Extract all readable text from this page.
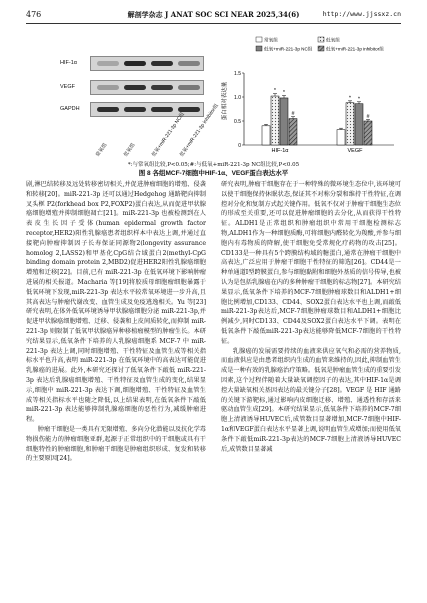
476	解剖学杂志 J ANAT SOC SCI NEAR 2025,34(6)	http://www.jjssxz.cn
HIF-1α
VEGF
GAPDH
常氧组	低氧组	低氧+miR-221-3p NC组
低氧+miR-221-3p inhibitor组
常氧组	低氧组
低氧+miR-221-3p NC组	低氧+miR-221-3p inhibitor组
蛋白相对表达量
0
0.5
1.0
1.5
HIF-1α	VEGF
* *
#
* *
#
*:与常氧组比较,P<0.05;#:与低氧+miR-221-3p NC组比较,P<0.05
图 8 各组MCF-7细胞中HIF-1α、VEGF蛋白表达水平

剧,淋巴结转移及远处转移密切相关,并促进肿瘤细胞的增殖、侵袭和转移[20]。miR-221-3p 还可以通过Hedgehog 通路靶向抑制叉头框 P2(forkhead box P2,FOXP2)蛋白表达,从而促进甲状腺癌细胞增殖并抑制细胞凋亡[21]。miR-221-3p 也被检测到在人表皮生长因子受体(human epidermal growth factor receptor,HER2)阳性乳腺癌患者组织样本中表达上调,并通过直接靶向肿瘤抑制因子长寿保证同源物2(longevity assurance homolog 2,LASS2)和甲基化CpG结合域蛋白2(methyl-CpG binding domain protein 2,MBD2)促进HER2阳性乳腺癌细胞增殖和迁移[22]。目前,已有 miR-221-3p 在低氧环境下影响肿瘤进展的相关报道。Macharia 等[19]将胶质母细胞瘤细胞暴露于低氧环境下发现,miR-221-3p 表达水平较常氧环境进一步升高,且其高表达与肿瘤代谢改变、血管生成及免疫逃逸相关。Yu 等[23]研究表明,在体外低氧环境诱导甲状腺癌细胞分泌 miR-221-3p,并促进甲状腺癌细胞增殖、迁移、侵袭和上皮间质转化,而抑制 miR-221-3p 则限制了低氧甲状腺癌异种移植瘤模型的肿瘤生长。本研究结果显示,低氧条件下培养的人乳腺癌细胞系 MCF-7 中 miR-221-3p 表达上调,同时细胞增殖、干性特征及血管生成等相关指标水平也升高,表明 miR-221-3p 在低氧环境中的高表达可能促进乳腺癌的进展。此外,本研究还探讨了低氧条件下敲低 miR-221-3p 表达后乳腺癌细胞增殖、干性特征及血管生成的变化,结果显示,细胞中 miR-221-3p 表达下调,细胞增殖、干性特征及血管生成等相关指标水平也随之降低,以上结果表明,在低氧条件下敲低 miR-221-3p 表达能够抑制乳腺癌细胞的恶性行为,减缓肿瘤进程。

肿瘤干细胞是一类具有无限增殖、多向分化潜能以及抗化学毒物损伤能力的肿瘤细胞亚群,起源于正常组织中的干细胞或具有干细胞特性的肿瘤细胞,和肿瘤干细胞是肿瘤组织形成、复发和转移的主要原因[24]。

研究表明,肿瘤干细胞存在于一种特殊的微环境生态位中,该环境可以使干细胞保持休眠状态,保证其不对称分裂和维持干性特征,在调控对分化和复制方式起关键作用。低氧不仅对于肿瘤干细胞生态位的形成至关重要,还可以促进肿瘤细胞的去分化,从而获得干性特征。ALDH1是正常组织和肿瘤组织中常用干细胞检测标志物,ALDH1作为一种细胞质酶,可将细胞内醛转化为羧酸,并参与细胞内有毒物质的降解,使干细胞免受常规化疗药物的攻击[25]。CD133是一种具有5个跨膜结构域的糖蛋白,通常在肿瘤干细胞中高表达,广泛应用于肿瘤干细胞干性特征的筛选[26]。CD44是一种单通道Ⅰ型跨膜蛋白,参与细胞黏附和细胞外基质的信号传导,也被认为是包括乳腺癌在内的多种肿瘤干细胞的标志物[27]。本研究结果显示,低氧条件下培养的MCF-7细胞肿瘤球数目和ALDH1+细胞比例增加,CD133、CD44、SOX2蛋白表达水平也上调,而敲低miR-221-3p表达后,MCF-7细胞肿瘤球数目和ALDH1+细胞比例减少,同时CD133、CD44及SOX2蛋白表达水平下调。表明在低氧条件下敲低miR-221-3p表达能够降低MCF-7细胞的干性特征。

乳腺癌的发展需要持续的血液来供应氧气和必需的营养物质,而血液供应是由患者组织内生成的血管来维持的,因此,抑制血管生成是一种有效的乳腺癌治疗策略。低氧是肿瘤血管生成的重要引发因素,这个过程伴随着大量缺氧调控因子的表达,其中HIF-1α是调控大量缺氧相关基因表达的最关键分子[28]。VEGF 是 HIF 通路的关键下游靶标,通过影响内皮细胞迁移、增殖、通透性和存活来驱动血管生成[29]。本研究结果显示,低氧条件下培养的MCF-7细胞上清液诱导HUVEC后,成管数目显著增加,MCF-7细胞中HIF-1α和VEGF蛋白表达水平显著上调,说明血管生成增加;而使用低氧条件下敲低miR-221-3p表达的MCF-7细胞上清液诱导HUVEC后,成管数目显著减
